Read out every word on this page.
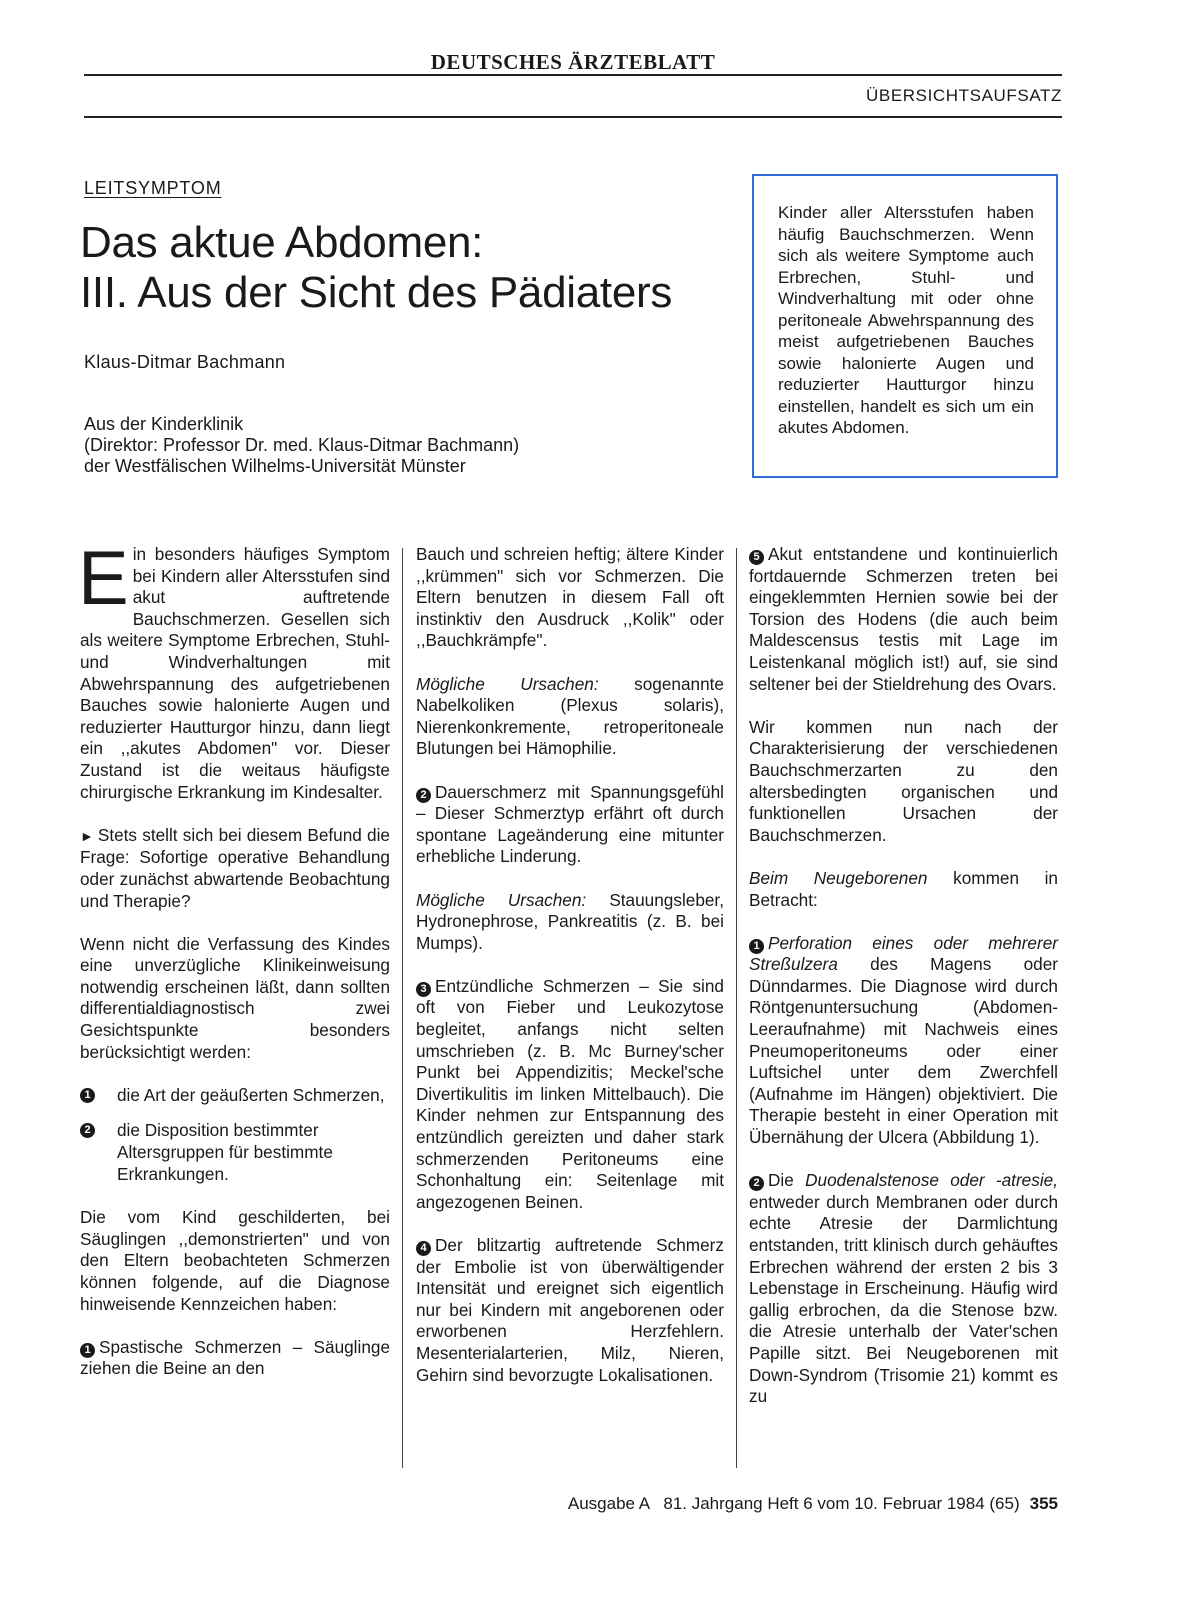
DEUTSCHES ÄRZTEBLATT
ÜBERSICHTSAUFSATZ
LEITSYMPTOM
Das aktue Abdomen:
III. Aus der Sicht des Pädiaters
Klaus-Ditmar Bachmann
Aus der Kinderklinik
(Direktor: Professor Dr. med. Klaus-Ditmar Bachmann)
der Westfälischen Wilhelms-Universität Münster

Kinder aller Altersstufen haben häufig Bauchschmerzen. Wenn sich als weitere Symptome auch Erbrechen, Stuhl- und Windverhaltung mit oder ohne peritoneale Abwehrspannung des meist aufgetriebenen Bauches sowie halonierte Augen und reduzierter Hautturgor hinzu einstellen, handelt es sich um ein akutes Abdomen.

Ein besonders häufiges Symptom bei Kindern aller Altersstufen sind akut auftretende Bauchschmerzen. Gesellen sich als weitere Symptome Erbrechen, Stuhl- und Windverhaltungen mit Abwehrspannung des aufgetriebenen Bauches sowie halonierte Augen und reduzierter Hautturgor hinzu, dann liegt ein ,,akutes Abdomen" vor. Dieser Zustand ist die weitaus häufigste chirurgische Erkrankung im Kindesalter.

► Stets stellt sich bei diesem Befund die Frage: Sofortige operative Behandlung oder zunächst abwartende Beobachtung und Therapie?

Wenn nicht die Verfassung des Kindes eine unverzügliche Klinikeinweisung notwendig erscheinen läßt, dann sollten differentialdiagnostisch zwei Gesichtspunkte besonders berücksichtigt werden:

1 die Art der geäußerten Schmerzen,
2 die Disposition bestimmter Altersgruppen für bestimmte Erkrankungen.

Die vom Kind geschilderten, bei Säuglingen ,,demonstrierten" und von den Eltern beobachteten Schmerzen können folgende, auf die Diagnose hinweisende Kennzeichen haben:

1 Spastische Schmerzen – Säuglinge ziehen die Beine an den

Bauch und schreien heftig; ältere Kinder ,,krümmen" sich vor Schmerzen. Die Eltern benutzen in diesem Fall oft instinktiv den Ausdruck ,,Kolik" oder ,,Bauchkrämpfe".

Mögliche Ursachen: sogenannte Nabelkoliken (Plexus solaris), Nierenkonkremente, retroperitoneale Blutungen bei Hämophilie.

2 Dauerschmerz mit Spannungsgefühl – Dieser Schmerztyp erfährt oft durch spontane Lageänderung eine mitunter erhebliche Linderung.

Mögliche Ursachen: Stauungsleber, Hydronephrose, Pankreatitis (z. B. bei Mumps).

3 Entzündliche Schmerzen – Sie sind oft von Fieber und Leukozytose begleitet, anfangs nicht selten umschrieben (z. B. Mc Burney'scher Punkt bei Appendizitis; Meckel'sche Divertikulitis im linken Mittelbauch). Die Kinder nehmen zur Entspannung des entzündlich gereizten und daher stark schmerzenden Peritoneums eine Schonhaltung ein: Seitenlage mit angezogenen Beinen.

4 Der blitzartig auftretende Schmerz der Embolie ist von überwältigender Intensität und ereignet sich eigentlich nur bei Kindern mit angeborenen oder erworbenen Herzfehlern. Mesenterialarterien, Milz, Nieren, Gehirn sind bevorzugte Lokalisationen.

5 Akut entstandene und kontinuierlich fortdauernde Schmerzen treten bei eingeklemmten Hernien sowie bei der Torsion des Hodens (die auch beim Maldescensus testis mit Lage im Leistenkanal möglich ist!) auf, sie sind seltener bei der Stieldrehung des Ovars.

Wir kommen nun nach der Charakterisierung der verschiedenen Bauchschmerzarten zu den altersbedingten organischen und funktionellen Ursachen der Bauchschmerzen.

Beim Neugeborenen kommen in Betracht:

1 Perforation eines oder mehrerer Streßulzera des Magens oder Dünndarmes. Die Diagnose wird durch Röntgenuntersuchung (Abdomen-Leeraufnahme) mit Nachweis eines Pneumoperitoneums oder einer Luftsichel unter dem Zwerchfell (Aufnahme im Hängen) objektiviert. Die Therapie besteht in einer Operation mit Übernähung der Ulcera (Abbildung 1).

2 Die Duodenalstenose oder -atresie, entweder durch Membranen oder durch echte Atresie der Darmlichtung entstanden, tritt klinisch durch gehäuftes Erbrechen während der ersten 2 bis 3 Lebenstage in Erscheinung. Häufig wird gallig erbrochen, da die Stenose bzw. die Atresie unterhalb der Vater'schen Papille sitzt. Bei Neugeborenen mit Down-Syndrom (Trisomie 21) kommt es zu

Ausgabe A   81. Jahrgang Heft 6 vom 10. Februar 1984 (65) 355
